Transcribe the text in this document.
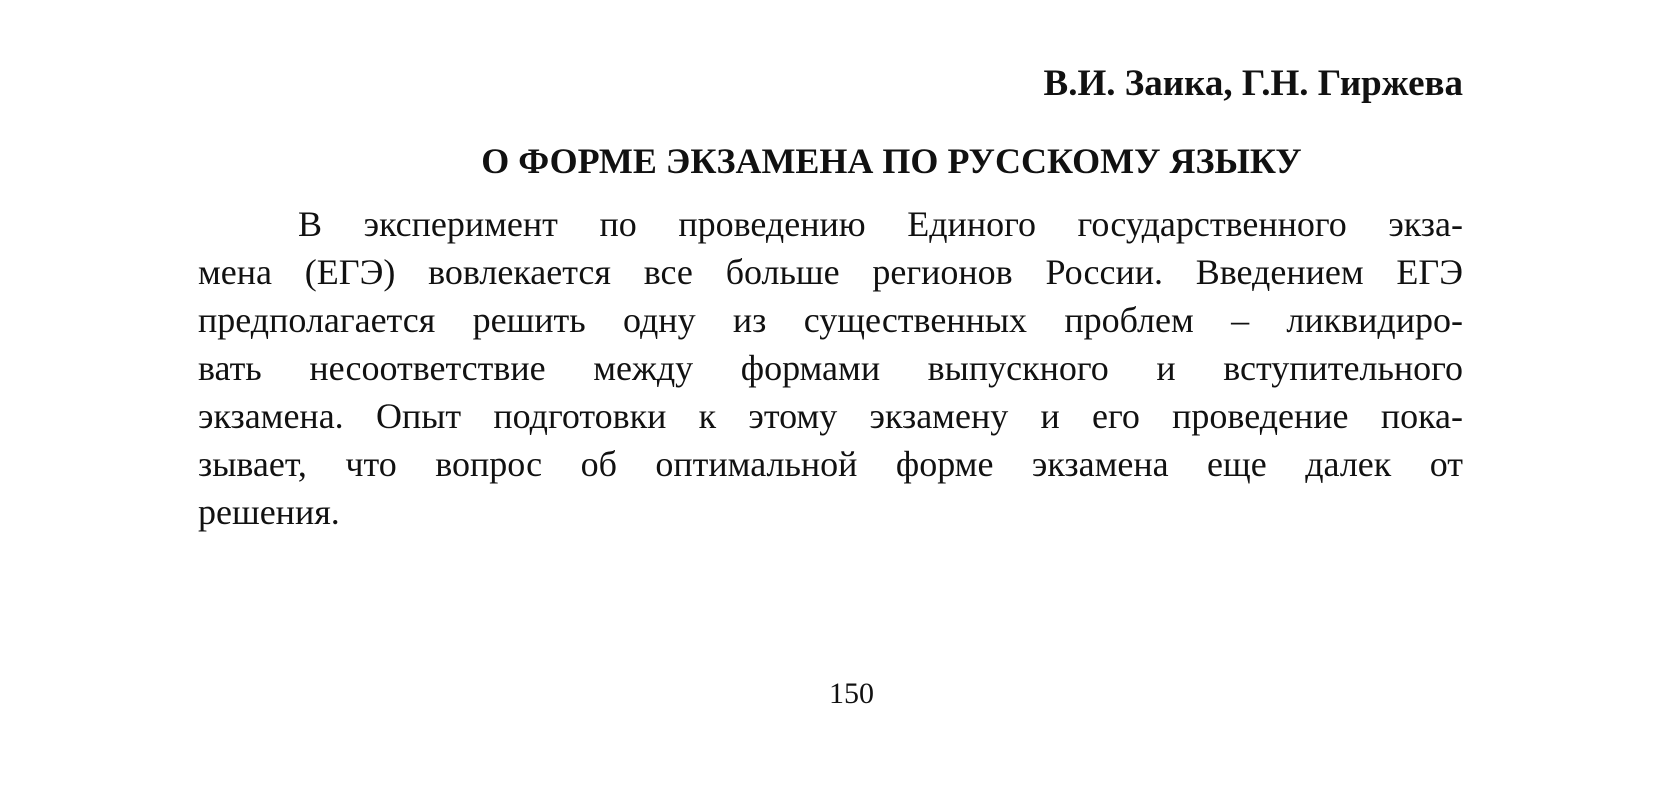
В.И. Заика, Г.Н. Гиржева
О ФОРМЕ ЭКЗАМЕНА ПО РУССКОМУ ЯЗЫКУ
В эксперимент по проведению Единого государственного экза-
мена (ЕГЭ) вовлекается все больше регионов России. Введением ЕГЭ
предполагается решить одну из существенных проблем – ликвидиро-
вать несоответствие между формами выпускного и вступительного
экзамена. Опыт подготовки к этому экзамену и его проведение пока-
зывает, что вопрос об оптимальной форме экзамена еще далек от
решения.
150
